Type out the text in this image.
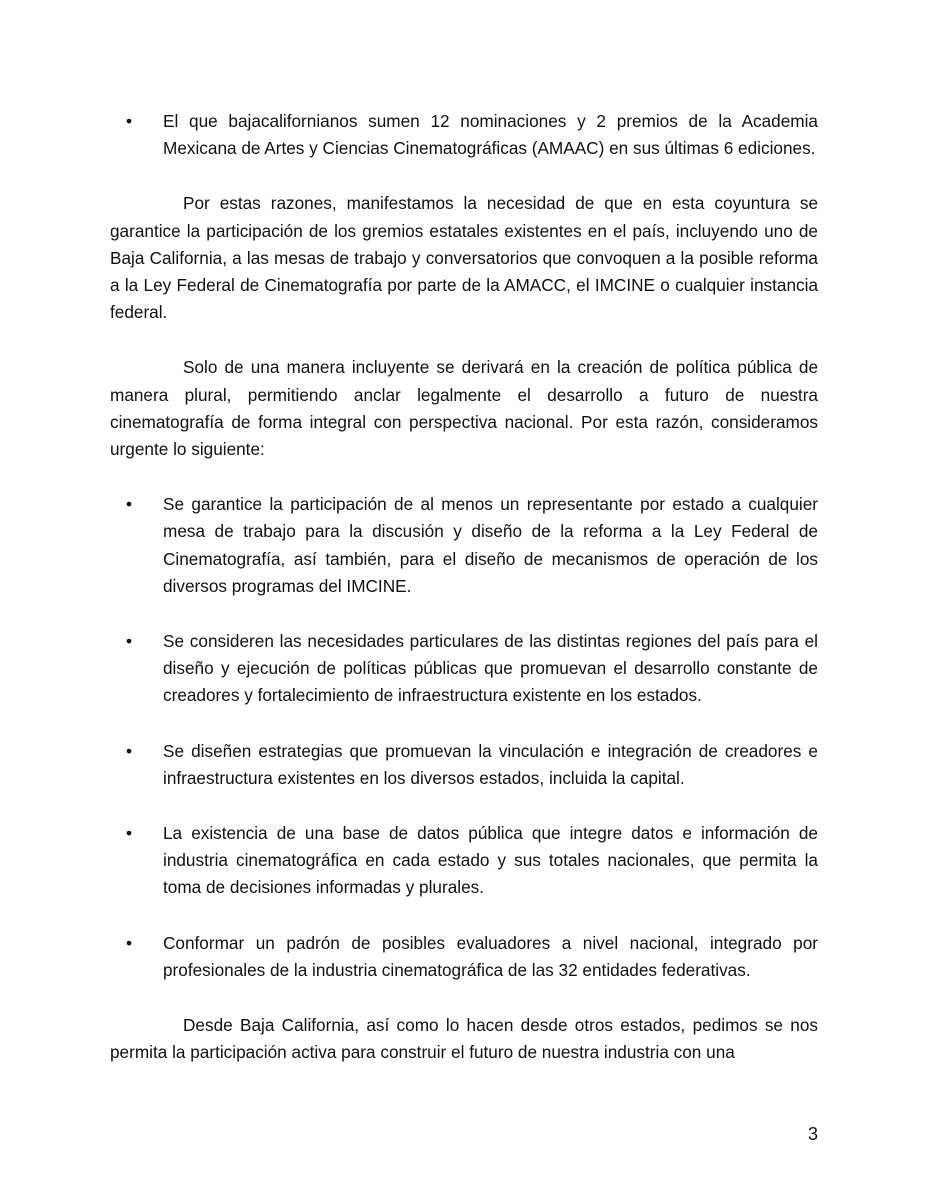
• El que bajacalifornianos sumen 12 nominaciones y 2 premios de la Academia Mexicana de Artes y Ciencias Cinematográficas (AMAAC) en sus últimas 6 ediciones.

Por estas razones, manifestamos la necesidad de que en esta coyuntura se garantice la participación de los gremios estatales existentes en el país, incluyendo uno de Baja California, a las mesas de trabajo y conversatorios que convoquen a la posible reforma a la Ley Federal de Cinematografía por parte de la AMACC, el IMCINE o cualquier instancia federal.

Solo de una manera incluyente se derivará en la creación de política pública de manera plural, permitiendo anclar legalmente el desarrollo a futuro de nuestra cinematografía de forma integral con perspectiva nacional. Por esta razón, consideramos urgente lo siguiente:

• Se garantice la participación de al menos un representante por estado a cualquier mesa de trabajo para la discusión y diseño de la reforma a la Ley Federal de Cinematografía, así también, para el diseño de mecanismos de operación de los diversos programas del IMCINE.
• Se consideren las necesidades particulares de las distintas regiones del país para el diseño y ejecución de políticas públicas que promuevan el desarrollo constante de creadores y fortalecimiento de infraestructura existente en los estados.
• Se diseñen estrategias que promuevan la vinculación e integración de creadores e infraestructura existentes en los diversos estados, incluida la capital.
• La existencia de una base de datos pública que integre datos e información de industria cinematográfica en cada estado y sus totales nacionales, que permita la toma de decisiones informadas y plurales.
• Conformar un padrón de posibles evaluadores a nivel nacional, integrado por profesionales de la industria cinematográfica de las 32 entidades federativas.

Desde Baja California, así como lo hacen desde otros estados, pedimos se nos permita la participación activa para construir el futuro de nuestra industria con una

3
